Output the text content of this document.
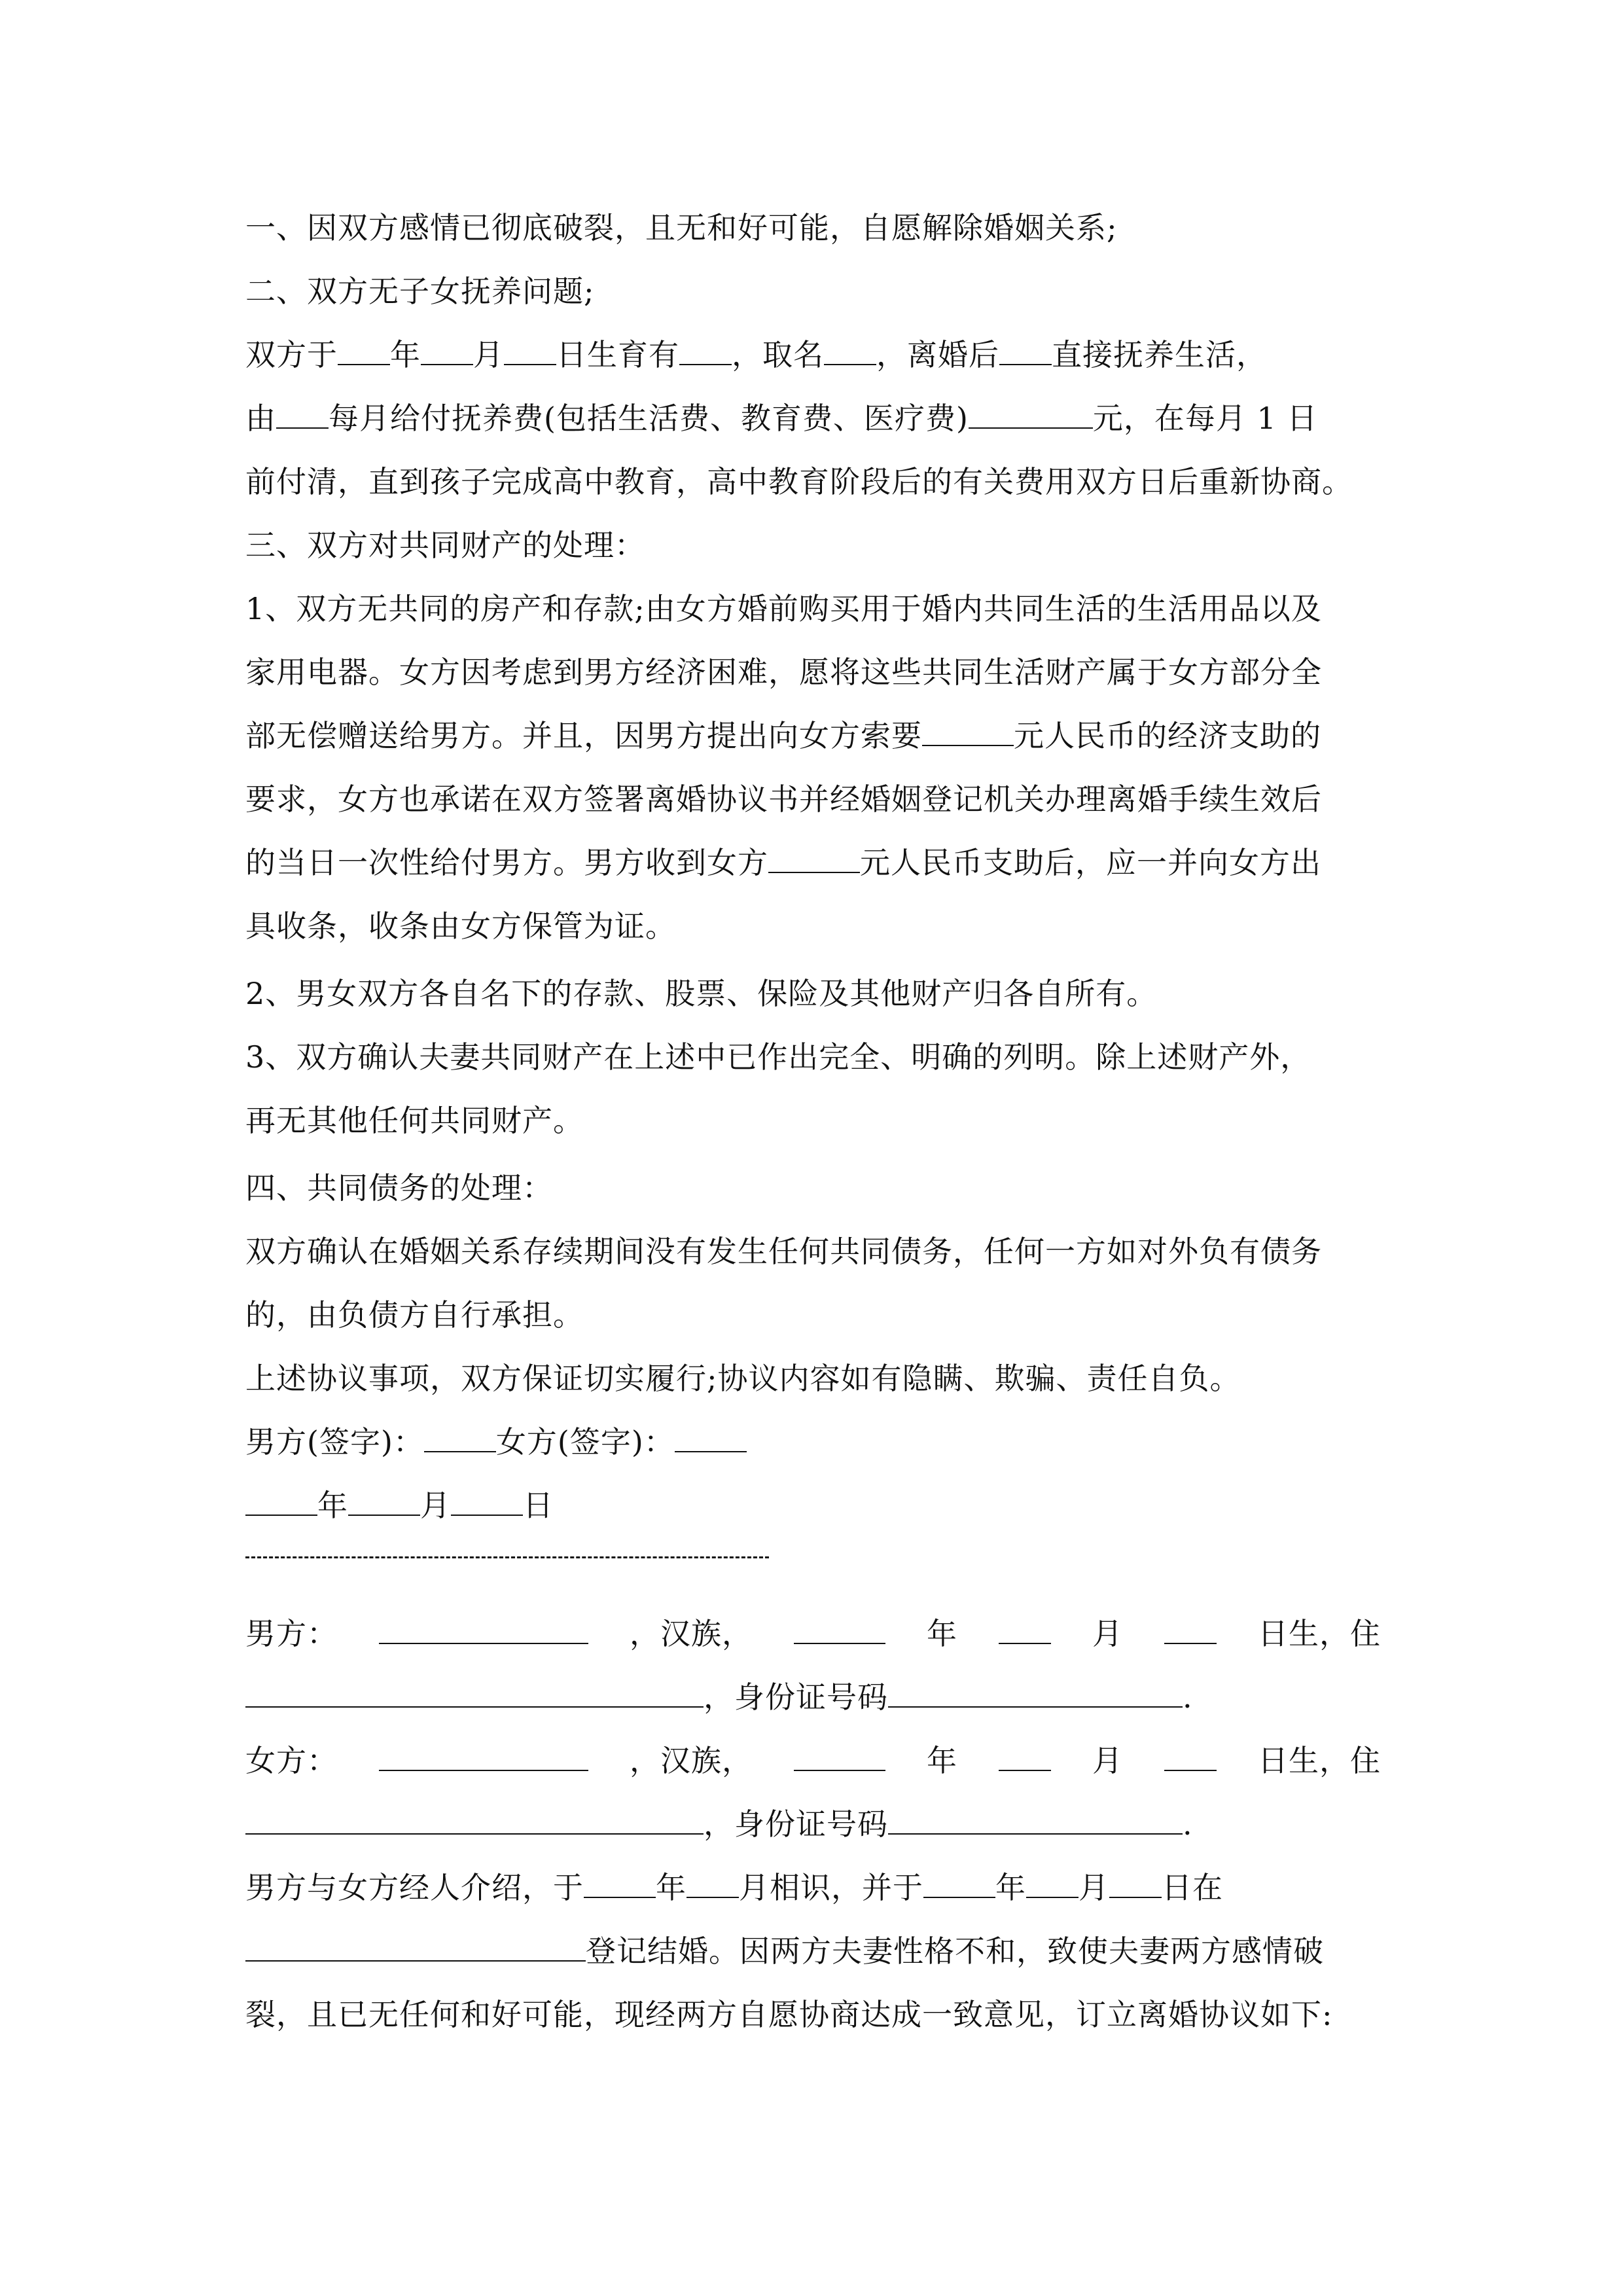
一、因双方感情已彻底破裂，且无和好可能，自愿解除婚姻关系;
二、双方无子女抚养问题;
双方于 年 月 日生育有 ，取名 ，离婚后 直接抚养生活，
由 每月给付抚养费(包括生活费、教育费、医疗费)	元，在每月 1 日
前付清，直到孩子完成高中教育，高中教育阶段后的有关费用双方日后重新协商。
三、双方对共同财产的处理：
1、双方无共同的房产和存款;由女方婚前购买用于婚内共同生活的生活用品以及
家用电器。女方因考虑到男方经济困难，愿将这些共同生活财产属于女方部分全
部无偿赠送给男方。并且，因男方提出向女方索要	元人民币的经济支助的
要求，女方也承诺在双方签署离婚协议书并经婚姻登记机关办理离婚手续生效后
的当日一次性给付男方。男方收到女方	元人民币支助后，应一并向女方出
具收条，收条由女方保管为证。
2、男女双方各自名下的存款、股票、保险及其他财产归各自所有。
3、双方确认夫妻共同财产在上述中已作出完全、明确的列明。除上述财产外，
再无其他任何共同财产。
四、共同债务的处理：
双方确认在婚姻关系存续期间没有发生任何共同债务，任何一方如对外负有债务
的，由负债方自行承担。
上述协议事项，双方保证切实履行;协议内容如有隐瞒、欺骗、责任自负。
男方(签字)： 女方(签字)：
年 月 日
男方：	，汉族，	年	月	日生，住
，身份证号码	.
女方：	，汉族，	年	月	日生，住
，身份证号码	.
男方与女方经人介绍，于 年 月相识，并于 年 月 日在
登记结婚。因两方夫妻性格不和，致使夫妻两方感情破
裂，且已无任何和好可能，现经两方自愿协商达成一致意见，订立离婚协议如下:
